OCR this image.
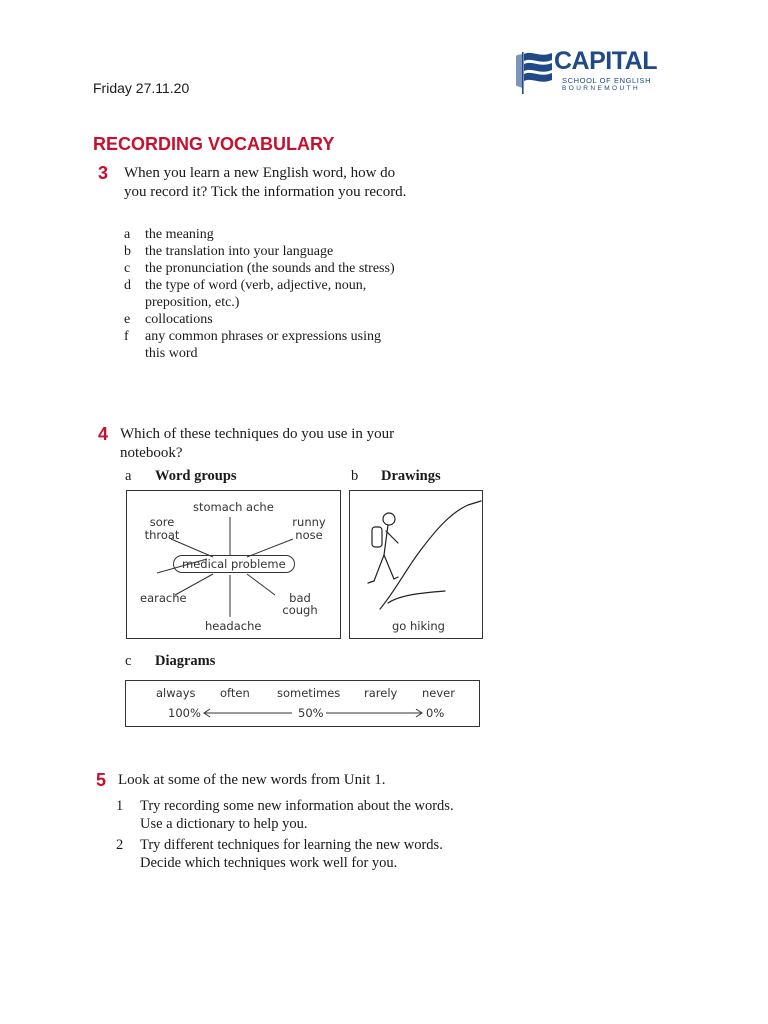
Friday 27.11.20
CAPITAL
SCHOOL OF ENGLISH
BOURNEMOUTH
RECORDING VOCABULARY
3 When you learn a new English word, how do you record it? Tick the information you record.
a	the meaning
b	the translation into your language
c	the pronunciation (the sounds and the stress)
d	the type of word (verb, adjective, noun, preposition, etc.)
e	collocations
f	any common phrases or expressions using this word
4 Which of these techniques do you use in your notebook?
a Word groups
stomach ache
sore throat
runny nose
medical probleme
earache	bad cough
headache
b Drawings
go hiking
c Diagrams
always often sometimes rarely never
100%	50%	0%
5 Look at some of the new words from Unit 1.
1	Try recording some new information about the words. Use a dictionary to help you.
2	Try different techniques for learning the new words. Decide which techniques work well for you.
